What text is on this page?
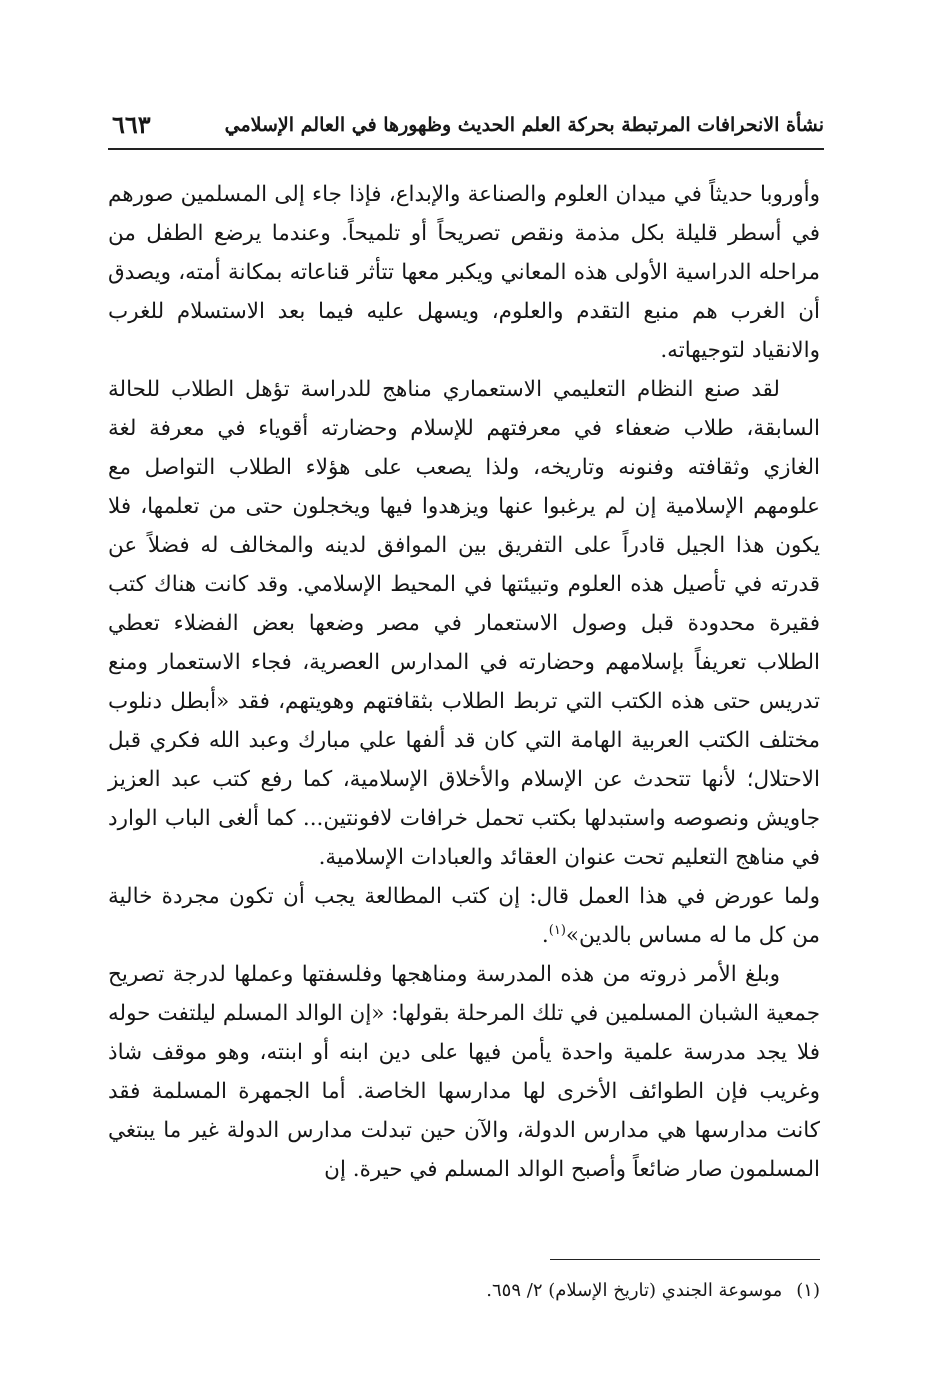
نشأة الانحرافات المرتبطة بحركة العلم الحديث وظهورها في العالم الإسلامي
٦٦٣

وأوروبا حديثاً في ميدان العلوم والصناعة والإبداع، فإذا جاء إلى المسلمين صورهم في أسطر قليلة بكل مذمة ونقص تصريحاً أو تلميحاً. وعندما يرضع الطفل من مراحله الدراسية الأولى هذه المعاني ويكبر معها تتأثر قناعاته بمكانة أمته، ويصدق أن الغرب هم منبع التقدم والعلوم، ويسهل عليه فيما بعد الاستسلام للغرب والانقياد لتوجيهاته.

لقد صنع النظام التعليمي الاستعماري مناهج للدراسة تؤهل الطلاب للحالة السابقة، طلاب ضعفاء في معرفتهم للإسلام وحضارته أقوياء في معرفة لغة الغازي وثقافته وفنونه وتاريخه، ولذا يصعب على هؤلاء الطلاب التواصل مع علومهم الإسلامية إن لم يرغبوا عنها ويزهدوا فيها ويخجلون حتى من تعلمها، فلا يكون هذا الجيل قادراً على التفريق بين الموافق لدينه والمخالف له فضلاً عن قدرته في تأصيل هذه العلوم وتبيئتها في المحيط الإسلامي. وقد كانت هناك كتب فقيرة محدودة قبل وصول الاستعمار في مصر وضعها بعض الفضلاء تعطي الطلاب تعريفاً بإسلامهم وحضارته في المدارس العصرية، فجاء الاستعمار ومنع تدريس حتى هذه الكتب التي تربط الطلاب بثقافتهم وهويتهم، فقد «أبطل دنلوب مختلف الكتب العربية الهامة التي كان قد ألفها علي مبارك وعبد الله فكري قبل الاحتلال؛ لأنها تتحدث عن الإسلام والأخلاق الإسلامية، كما رفع كتب عبد العزيز جاويش ونصوصه واستبدلها بكتب تحمل خرافات لافونتين... كما ألغى الباب الوارد في مناهج التعليم تحت عنوان العقائد والعبادات الإسلامية.

ولما عورض في هذا العمل قال: إن كتب المطالعة يجب أن تكون مجردة خالية من كل ما له مساس بالدين»$^{(١)}$.

وبلغ الأمر ذروته من هذه المدرسة ومناهجها وفلسفتها وعملها لدرجة تصريح جمعية الشبان المسلمين في تلك المرحلة بقولها: «إن الوالد المسلم ليلتفت حوله فلا يجد مدرسة علمية واحدة يأمن فيها على دين ابنه أو ابنته، وهو موقف شاذ وغريب فإن الطوائف الأخرى لها مدارسها الخاصة. أما الجمهرة المسلمة فقد كانت مدارسها هي مدارس الدولة، والآن حين تبدلت مدارس الدولة غير ما يبتغي المسلمون صار ضائعاً وأصبح الوالد المسلم في حيرة. إن

(١)موسوعة الجندي (تاريخ الإسلام) ٢/ ٦٥٩.
